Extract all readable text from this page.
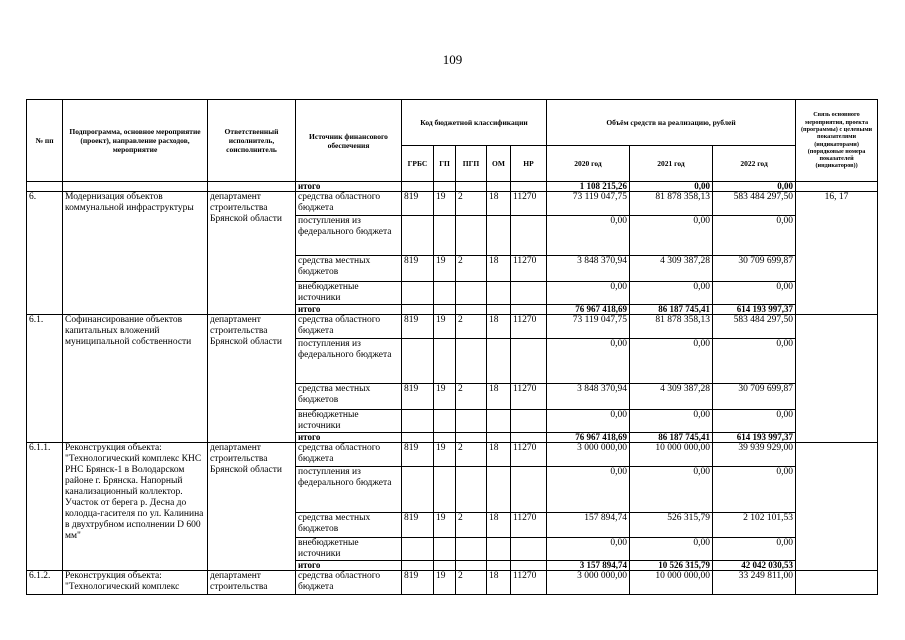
109
№ пп	Подпрограмма, основное мероприятие (проект), направление расходов, мероприятие	Ответственный исполнитель, соисполнитель	Источник финансового обеспечения	Код бюджетной классификации					Объём средств на реализацию, рублей			Связь основного мероприятия, проекта (программы) с целевыми показателями (индикаторами) (порядковые номера показателей (индикаторов))
				ГРБС	ГП	ПГП	ОМ	НР	2020 год	2021 год	2022 год	
			итого						1 108 215,26	0,00	0,00	
6.	Модернизация объектов коммунальной инфраструктуры	департамент строительства Брянской области	средства областного бюджета	819	19	2	18	11270	73 119 047,75	81 878 358,13	583 484 297,50	16, 17
			поступления из федерального бюджета						0,00	0,00	0,00	
			средства местных бюджетов	819	19	2	18	11270	3 848 370,94	4 309 387,28	30 709 699,87	
			внебюджетные источники						0,00	0,00	0,00	
			итого						76 967 418,69	86 187 745,41	614 193 997,37	
6.1.	Софинансирование объектов капитальных вложений муниципальной собственности	департамент строительства Брянской области	средства областного бюджета	819	19	2	18	11270	73 119 047,75	81 878 358,13	583 484 297,50	
			поступления из федерального бюджета						0,00	0,00	0,00	
			средства местных бюджетов	819	19	2	18	11270	3 848 370,94	4 309 387,28	30 709 699,87	
			внебюджетные источники						0,00	0,00	0,00	
			итого						76 967 418,69	86 187 745,41	614 193 997,37	
6.1.1.	Реконструкция объекта: "Технологический комплекс КНС РНС Брянск-1 в Володарском районе г. Брянска. Напорный канализационный коллектор. Участок от берега р. Десна до колодца-гасителя по ул. Калинина в двухтрубном исполнении D 600 мм"	департамент строительства Брянской области	средства областного бюджета	819	19	2	18	11270	3 000 000,00	10 000 000,00	39 939 929,00	
			поступления из федерального бюджета						0,00	0,00	0,00	
			средства местных бюджетов	819	19	2	18	11270	157 894,74	526 315,79	2 102 101,53	
			внебюджетные источники						0,00	0,00	0,00	
			итого						3 157 894,74	10 526 315,79	42 042 030,53	
6.1.2.	Реконструкция объекта: "Технологический комплекс	департамент строительства	средства областного бюджета	819	19	2	18	11270	3 000 000,00	10 000 000,00	33 249 811,00	
